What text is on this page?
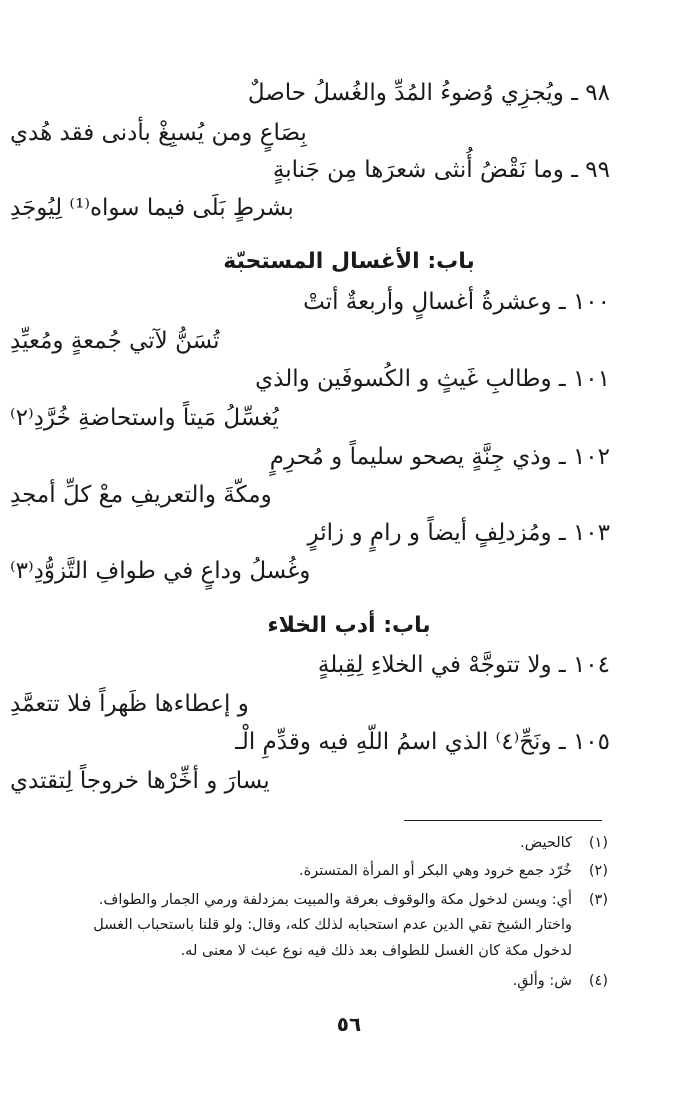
٩٨ ـ ويُجزِي وُضوءُ المُدِّ والغُسلُ حاصلٌ
بِصَاعٍ ومن يُسبِغْ بأدنى فقد هُدي
٩٩ ـ وما نَقْضُ أُنثى شعرَها مِن جَنابةٍ
بشرطٍ بَلَى فيما سواه⁽¹⁾ لِيُوجَدِ
باب: الأغسال المستحبّة
١٠٠ ـ وعشرةُ أغسالٍ وأربعةٌ أتتْ
تُسَنُّ لآتي جُمعةٍ ومُعيِّدِ
١٠١ ـ وطالبِ غَيثٍ و الكُسوفَين والذي
يُغسِّلُ مَيتاً واستحاضةِ خُرَّدِ⁽٢⁾
١٠٢ ـ وذي جِنَّةٍ يصحو سليماً و مُحرِمٍ
ومكّةَ والتعريفِ معْ كلِّ أمجدِ
١٠٣ ـ ومُزدلِفٍ أيضاً و رامٍ و زائرٍ
وغُسلُ وداعٍ في طوافِ التَّزوُّدِ⁽٣⁾
باب: أدب الخلاء
١٠٤ ـ ولا تتوجَّهْ في الخلاءِ لِقِبلةٍ
و إعطاءها ظَهراً فلا تتعمَّدِ
١٠٥ ـ ونَحِّ⁽٤⁾ الذي اسمُ اللّهِ فيه وقدِّمِ الْـ
يسارَ و أخِّرْها خروجاً لِتقتدي
(١)كالحيض.
(٢)خُرّد جمع خرود وهي البكر أو المرأة المتسترة.
(٣)أي: ويسن لدخول مكة والوقوف بعرفة والمبيت بمزدلفة ورمي الجمار والطواف.
واختار الشيخ تقي الدين عدم استحبابه لذلك كله، وقال: ولو قلنا باستحباب الغسل
لدخول مكة كان الغسل للطواف بعد ذلك فيه نوع عبث لا معنى له.
(٤)ش: وألقِ.
٥٦
